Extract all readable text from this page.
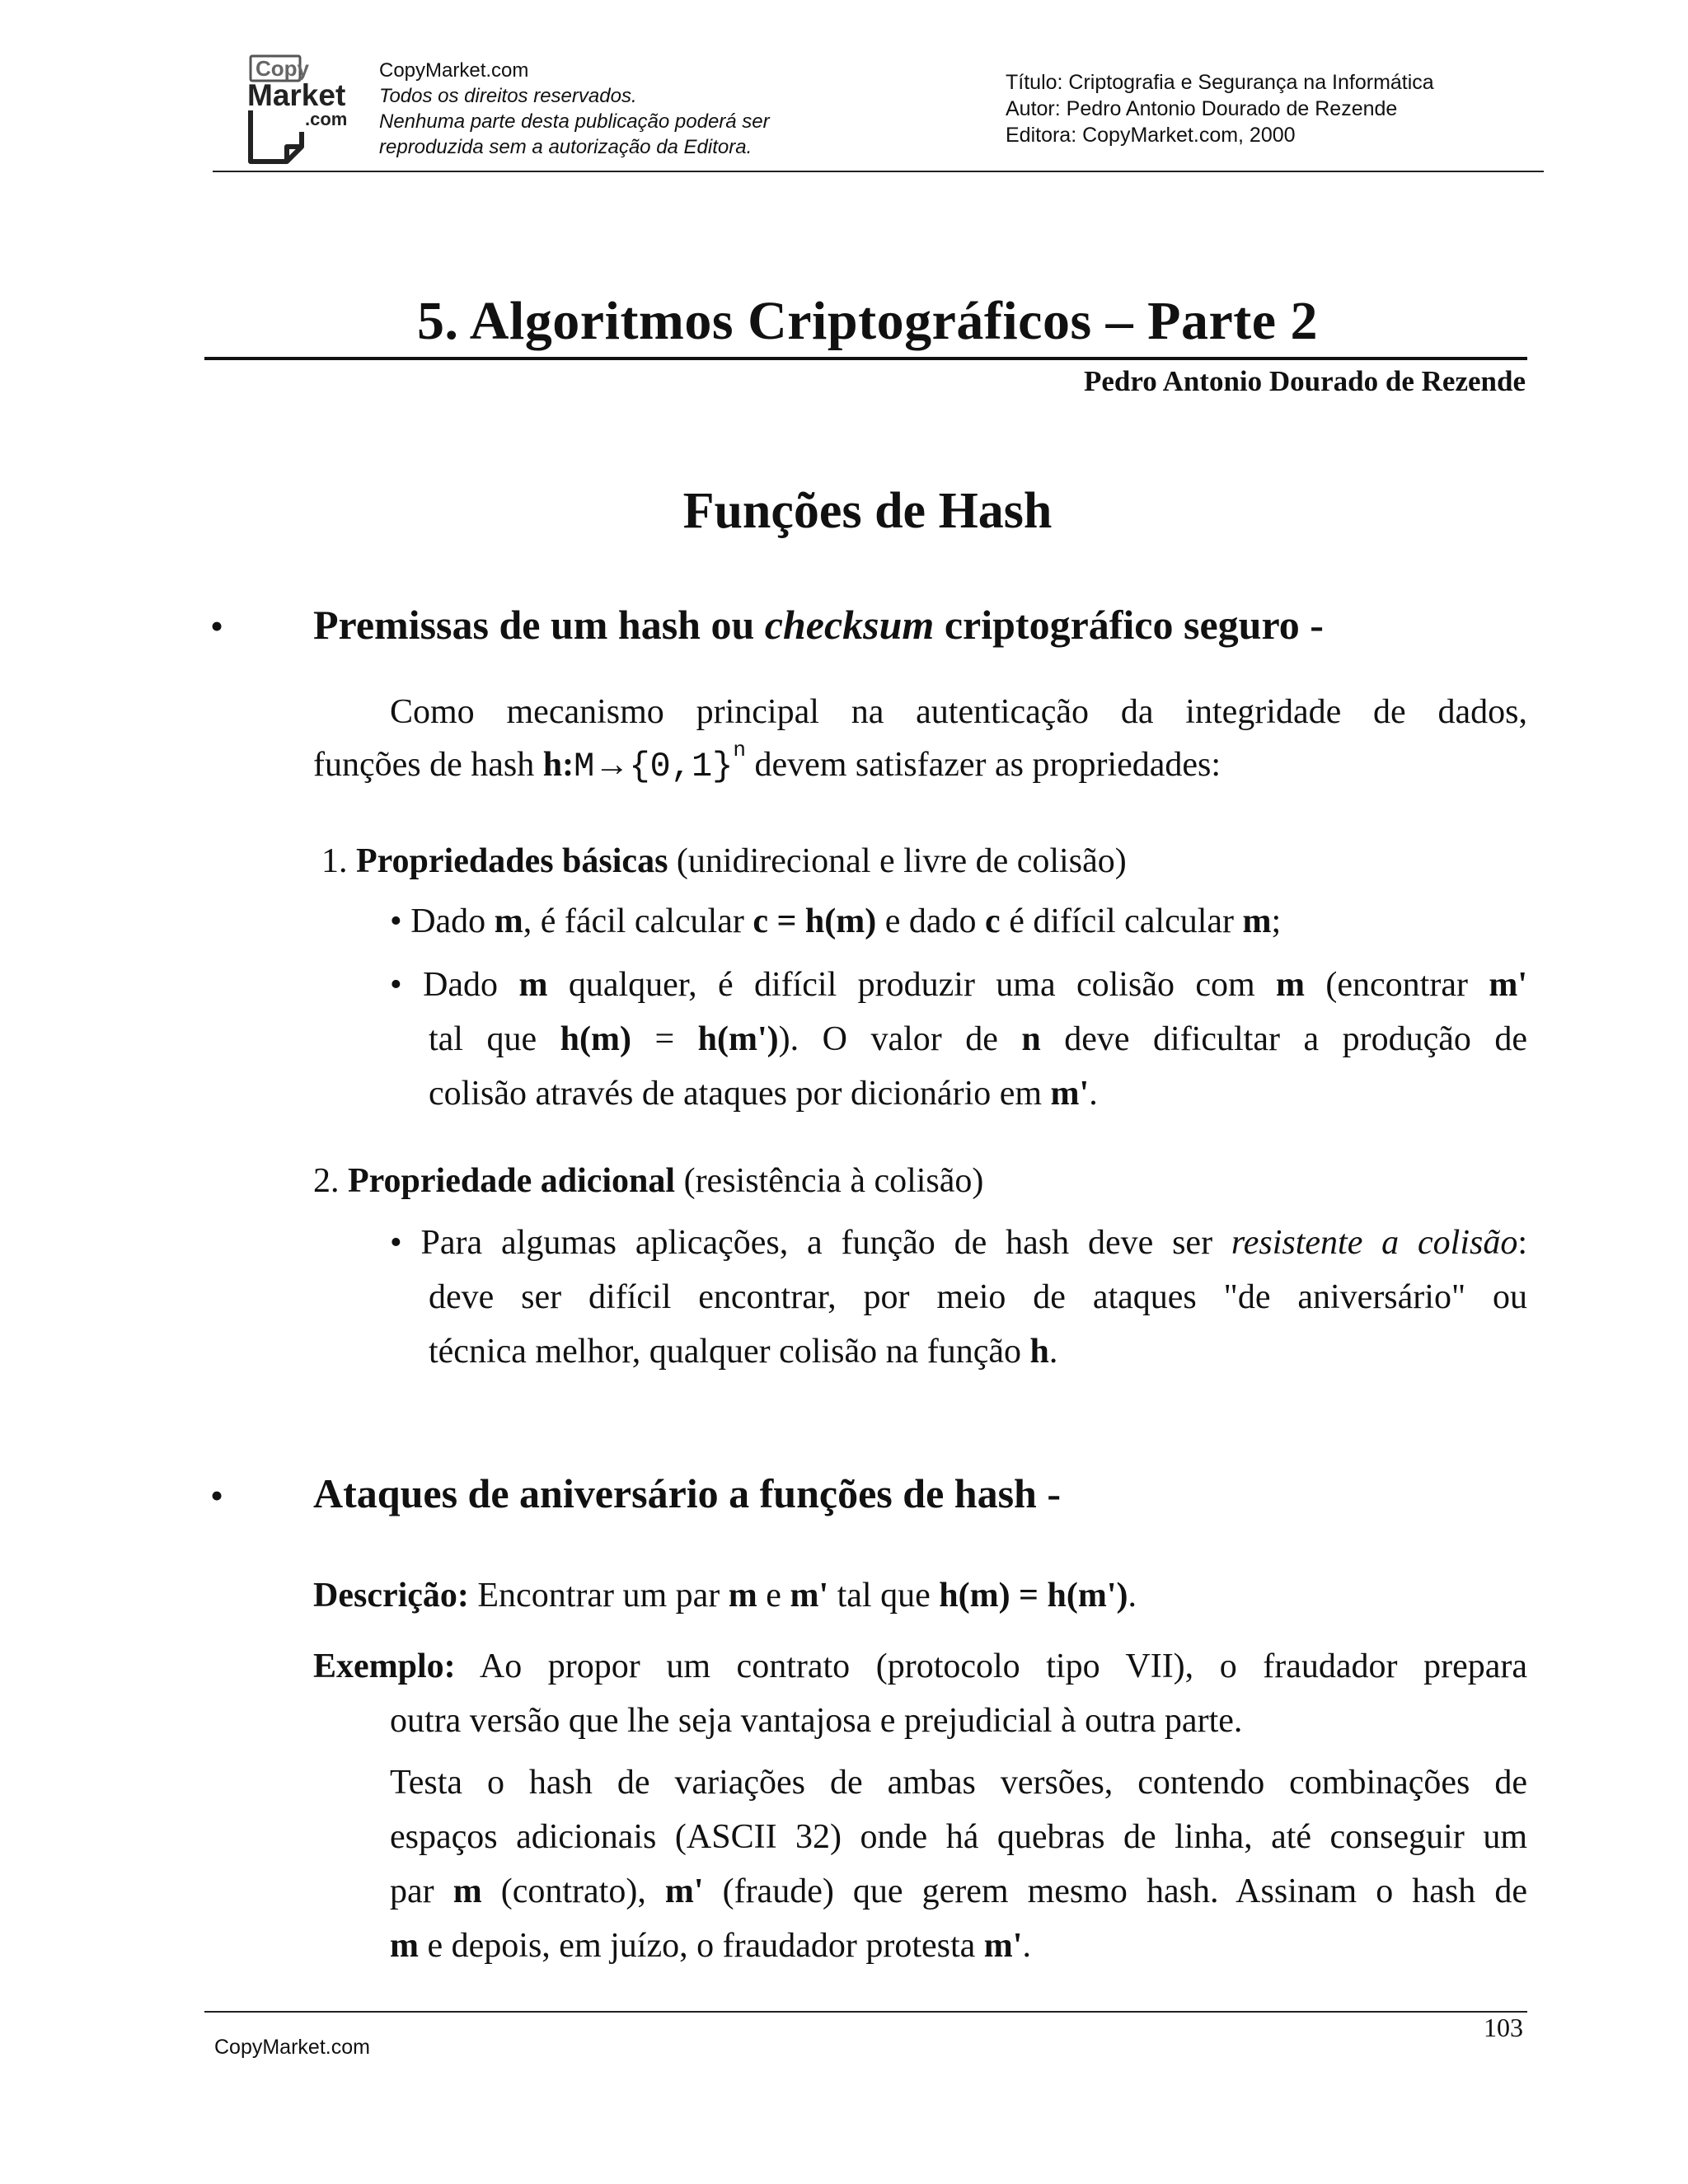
Copy
Market
.com
CopyMarket.com
Todos os direitos reservados.
Nenhuma parte desta publicação poderá ser
reproduzida sem a autorização da Editora.
Título: Criptografia e Segurança na Informática
Autor: Pedro Antonio Dourado de Rezende
Editora: CopyMarket.com, 2000
5. Algoritmos Criptográficos – Parte 2
Pedro Antonio Dourado de Rezende
Funções de Hash
• Premissas de um hash ou checksum criptográfico seguro -
Como mecanismo principal na autenticação da integridade de dados,
funções de hash $h:M\to\{0,1\}^n$ devem satisfazer as propriedades:
1. Propriedades básicas (unidirecional e livre de colisão)
• Dado m, é fácil calcular c = h(m) e dado c é difícil calcular m;
• Dado m qualquer, é difícil produzir uma colisão com m (encontrar m'
tal que h(m) = h(m')). O valor de n deve dificultar a produção de
colisão através de ataques por dicionário em m'.
2. Propriedade adicional (resistência à colisão)
• Para algumas aplicações, a função de hash deve ser resistente a colisão:
deve ser difícil encontrar, por meio de ataques "de aniversário" ou
técnica melhor, qualquer colisão na função h.
• Ataques de aniversário a funções de hash -
Descrição: Encontrar um par m e m' tal que h(m) = h(m').
Exemplo: Ao propor um contrato (protocolo tipo VII), o fraudador prepara
outra versão que lhe seja vantajosa e prejudicial à outra parte.
Testa o hash de variações de ambas versões, contendo combinações de
espaços adicionais (ASCII 32) onde há quebras de linha, até conseguir um
par m (contrato), m' (fraude) que gerem mesmo hash. Assinam o hash de
m e depois, em juízo, o fraudador protesta m'.
103
CopyMarket.com
